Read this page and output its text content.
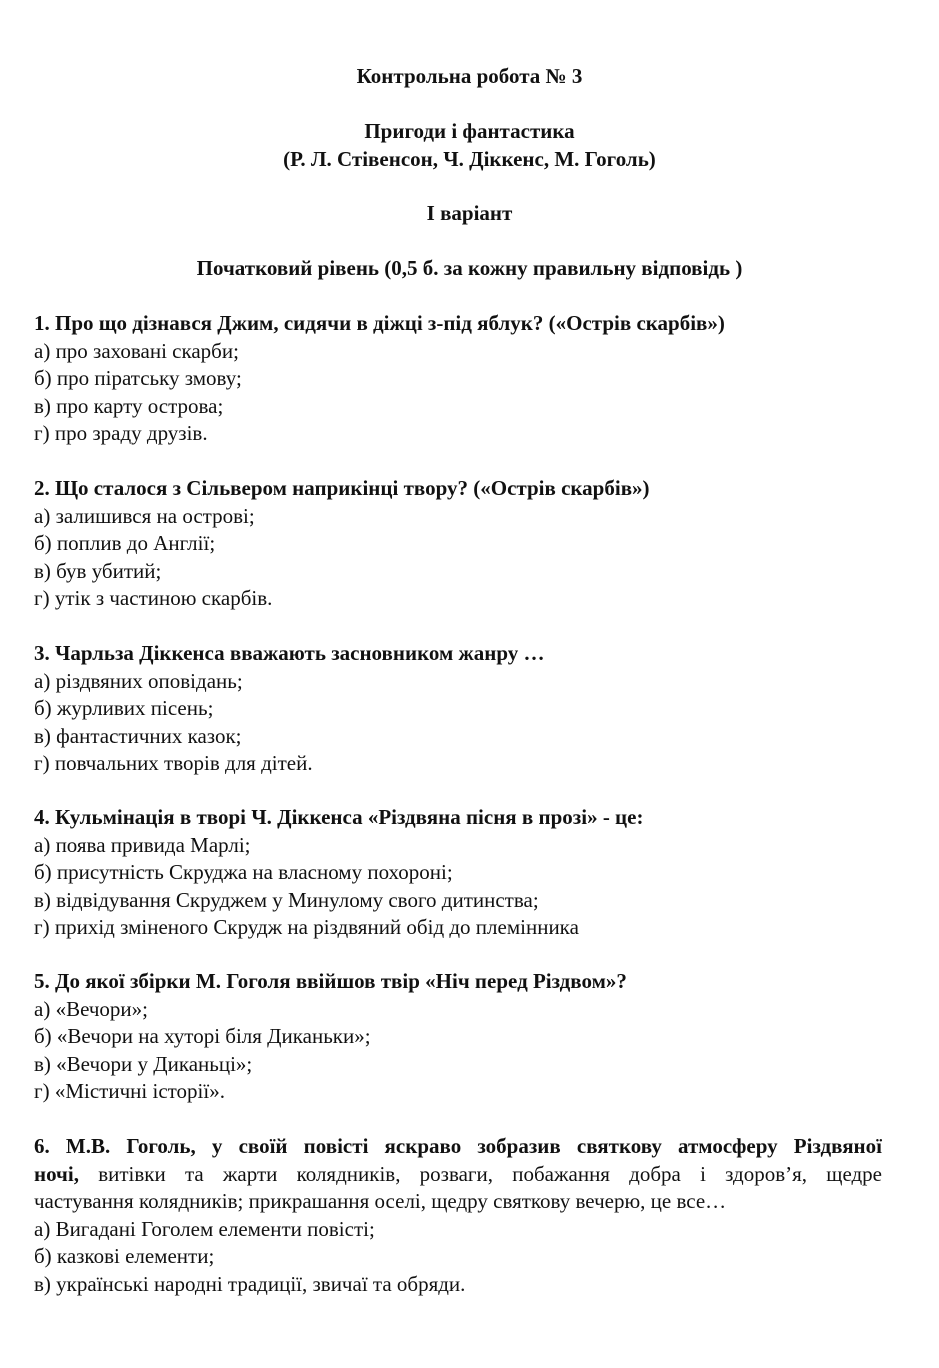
Контрольна робота № 3
Пригоди і фантастика
(Р. Л. Стівенсон, Ч. Діккенс, М. Гоголь)
І варіант
Початковий рівень (0,5 б. за кожну правильну відповідь )
1. Про що дізнався Джим, сидячи в діжці з-під яблук? («Острів скарбів»)
а) про заховані скарби;
б) про піратську змову;
в) про карту острова;
г) про зраду друзів.
2. Що сталося з Сільвером наприкінці твору? («Острів скарбів»)
а) залишився на острові;
б) поплив до Англії;
в) був убитий;
г) утік з частиною скарбів.
3. Чарльза Діккенса вважають засновником жанру …
а) різдвяних оповідань;
б) журливих пісень;
в) фантастичних казок;
г) повчальних творів для дітей.
4. Кульмінація в творі Ч. Діккенса «Різдвяна пісня в прозі» - це:
а) поява привида Марлі;
б) присутність Скруджа на власному похороні;
в) відвідування Скруджем у Минулому свого дитинства;
г) прихід зміненого Скрудж на різдвяний обід до племінника
5. До якої збірки М. Гоголя ввійшов твір «Ніч перед Різдвом»?
а) «Вечори»;
б) «Вечори на хуторі біля Диканьки»;
в) «Вечори у Диканьці»;
г) «Містичні історії».
6. М.В. Гоголь, у своїй повісті яскраво зобразив святкову атмосферу Різдвяної
ночі, витівки та жарти колядників, розваги, побажання добра і здоров’я, щедре
частування колядників; прикрашання оселі, щедру святкову вечерю, це все…
а) Вигадані Гоголем елементи повісті;
б) казкові елементи;
в) українські народні традиції, звичаї та обряди.
